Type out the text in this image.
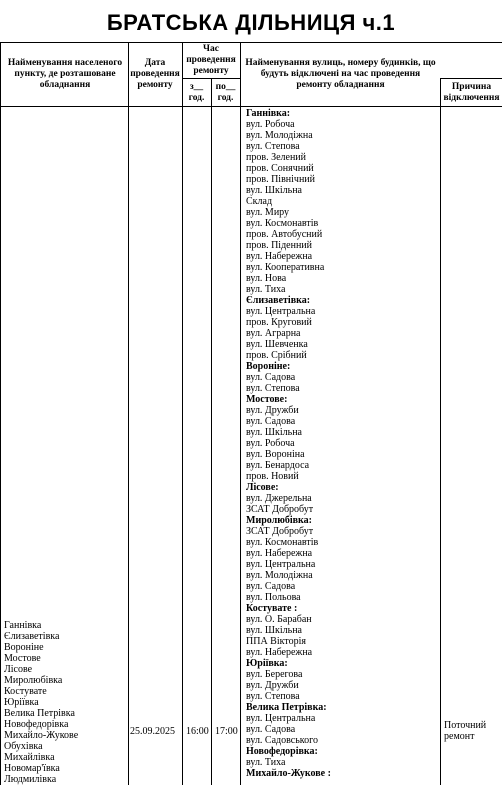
БРАТСЬКА ДІЛЬНИЦЯ ч.1
Найменування населеного пункту, де розташоване обладнання
Дата проведення ремонту
Час проведення ремонту
з__ год.
по__ год.
Найменування вулиць, номеру будинків, що будуть відключені на час проведення ремонту обладнання	Причина відключення
Ганнівка
Єлизаветівка
Вороніне
Мостове
Лісове
Миролюбівка
Костувате
Юріївка
Велика Петрівка
Новофедорівка
Михайло-Жукове
Обухівка
Михайлівка
Новомар'ївка
Людмилівка
25.09.2025	16:00 17:00
Поточний ремонт
Ганнівка:
вул. Робоча
вул. Молодіжна
вул. Степова
пров. Зелений
пров. Сонячний
пров. Північний
вул. Шкільна
Склад
вул. Миру
вул. Космонавтів
пров. Автобусний
пров. Піденний
вул. Набережна
вул. Кооперативна
вул. Нова
вул. Тиха
Єлизаветівка:
вул. Центральна
пров. Круговий
вул. Аграрна
вул. Шевченка
пров. Срібний
Вороніне:
вул. Садова
вул. Степова
Мостове:
вул. Дружби
вул. Садова
вул. Шкільна
вул. Робоча
вул. Вороніна
вул. Бенардоса
пров. Новий
Лісове:
вул. Джерельна
ЗСАТ Добробут
Миролюбівка:
ЗСАТ Добробут
вул. Космонавтів
вул. Набережна
вул. Центральна
вул. Молодіжна
вул. Садова
вул. Польова
Костувате :
вул. О. Барабан
вул. Шкільна
ППА Вікторія
вул. Набережна
Юріївка:
вул. Берегова
вул. Дружби
вул. Степова
Велика Петрівка:
вул. Центральна
вул. Садова
вул. Садовського
Новофедорівка:
вул. Тиха
Михайло-Жукове :
